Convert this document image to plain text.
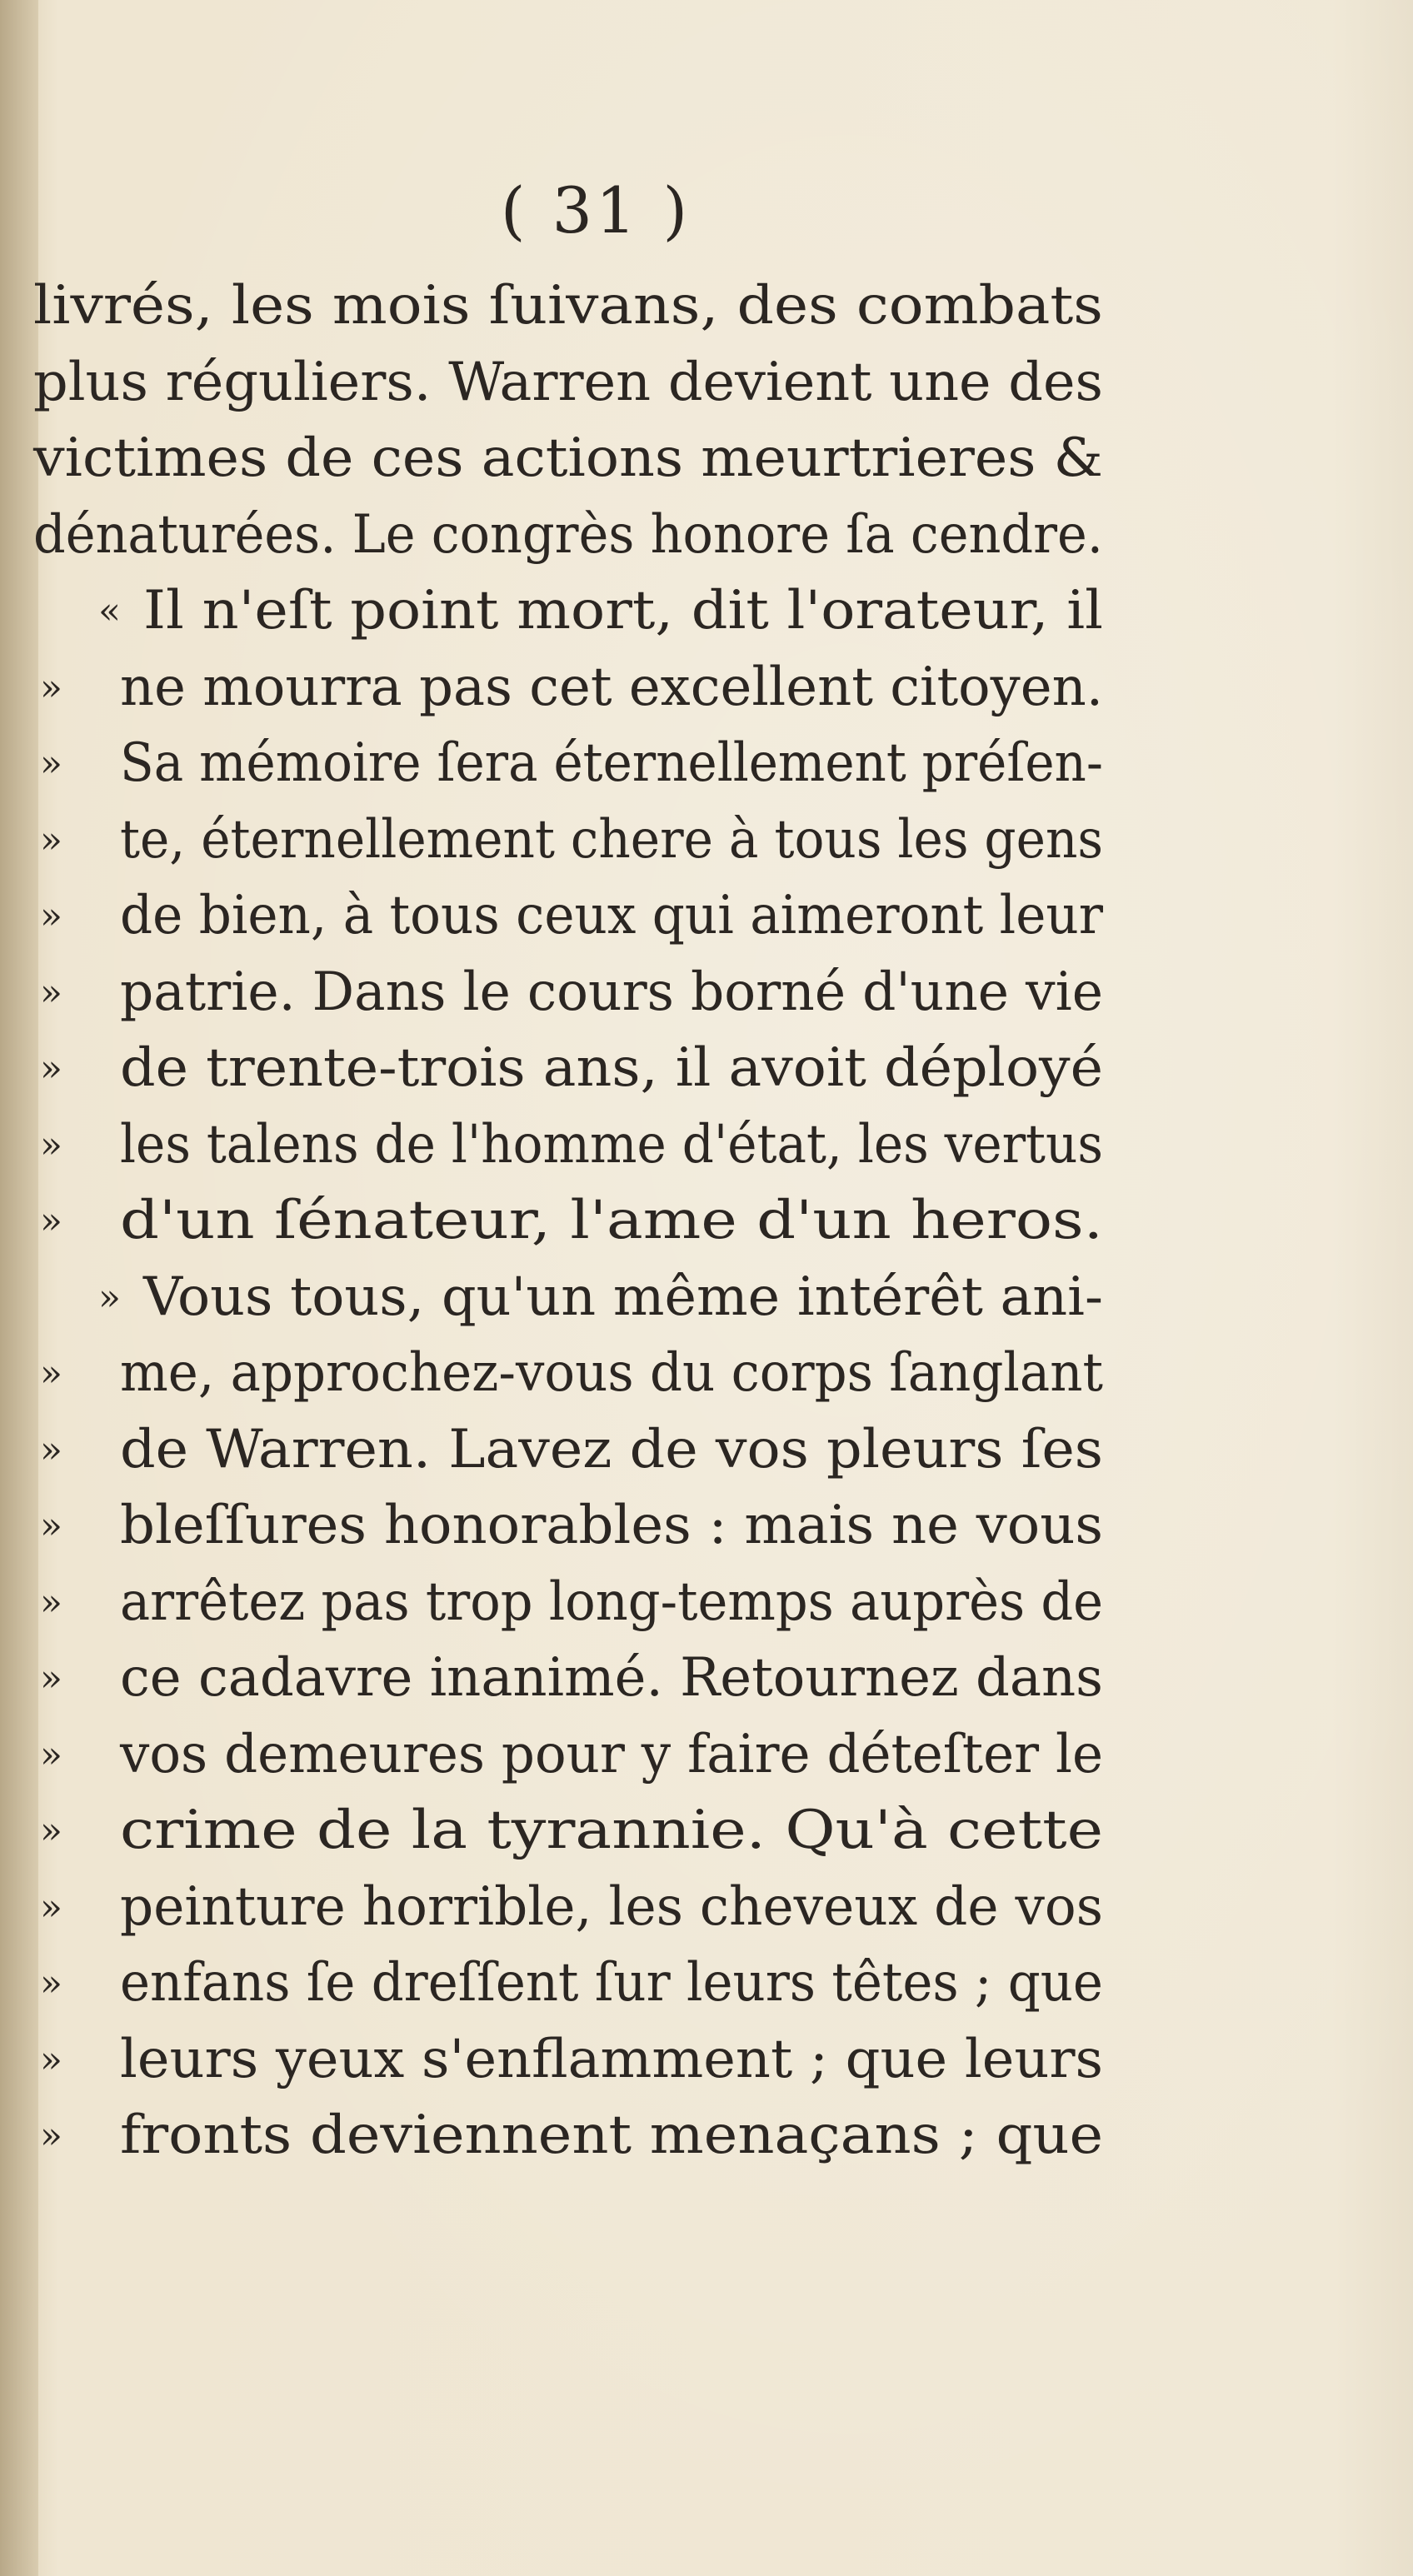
( 31 )
livrés, les mois ſuivans, des combats
plus réguliers. Warren devient une des
victimes de ces actions meurtrieres &
dénaturées. Le congrès honore ſa cendre.
« Il n'eſt point mort, dit l'orateur, il
» ne mourra pas cet excellent citoyen.
» Sa mémoire ſera éternellement préſen-
» te, éternellement chere à tous les gens
» de bien, à tous ceux qui aimeront leur
» patrie. Dans le cours borné d'une vie
» de trente-trois ans, il avoit déployé
» les talens de l'homme d'état, les vertus
» d'un ſénateur, l'ame d'un heros.
» Vous tous, qu'un même intérêt ani-
» me, approchez-vous du corps ſanglant
» de Warren. Lavez de vos pleurs ſes
» bleſſures honorables : mais ne vous
» arrêtez pas trop long-temps auprès de
» ce cadavre inanimé. Retournez dans
» vos demeures pour y faire déteſter le
» crime de la tyrannie. Qu'à cette
» peinture horrible, les cheveux de vos
» enfans ſe dreſſent ſur leurs têtes ; que
» leurs yeux s'enflamment ; que leurs
» fronts deviennent menaçans ; que
